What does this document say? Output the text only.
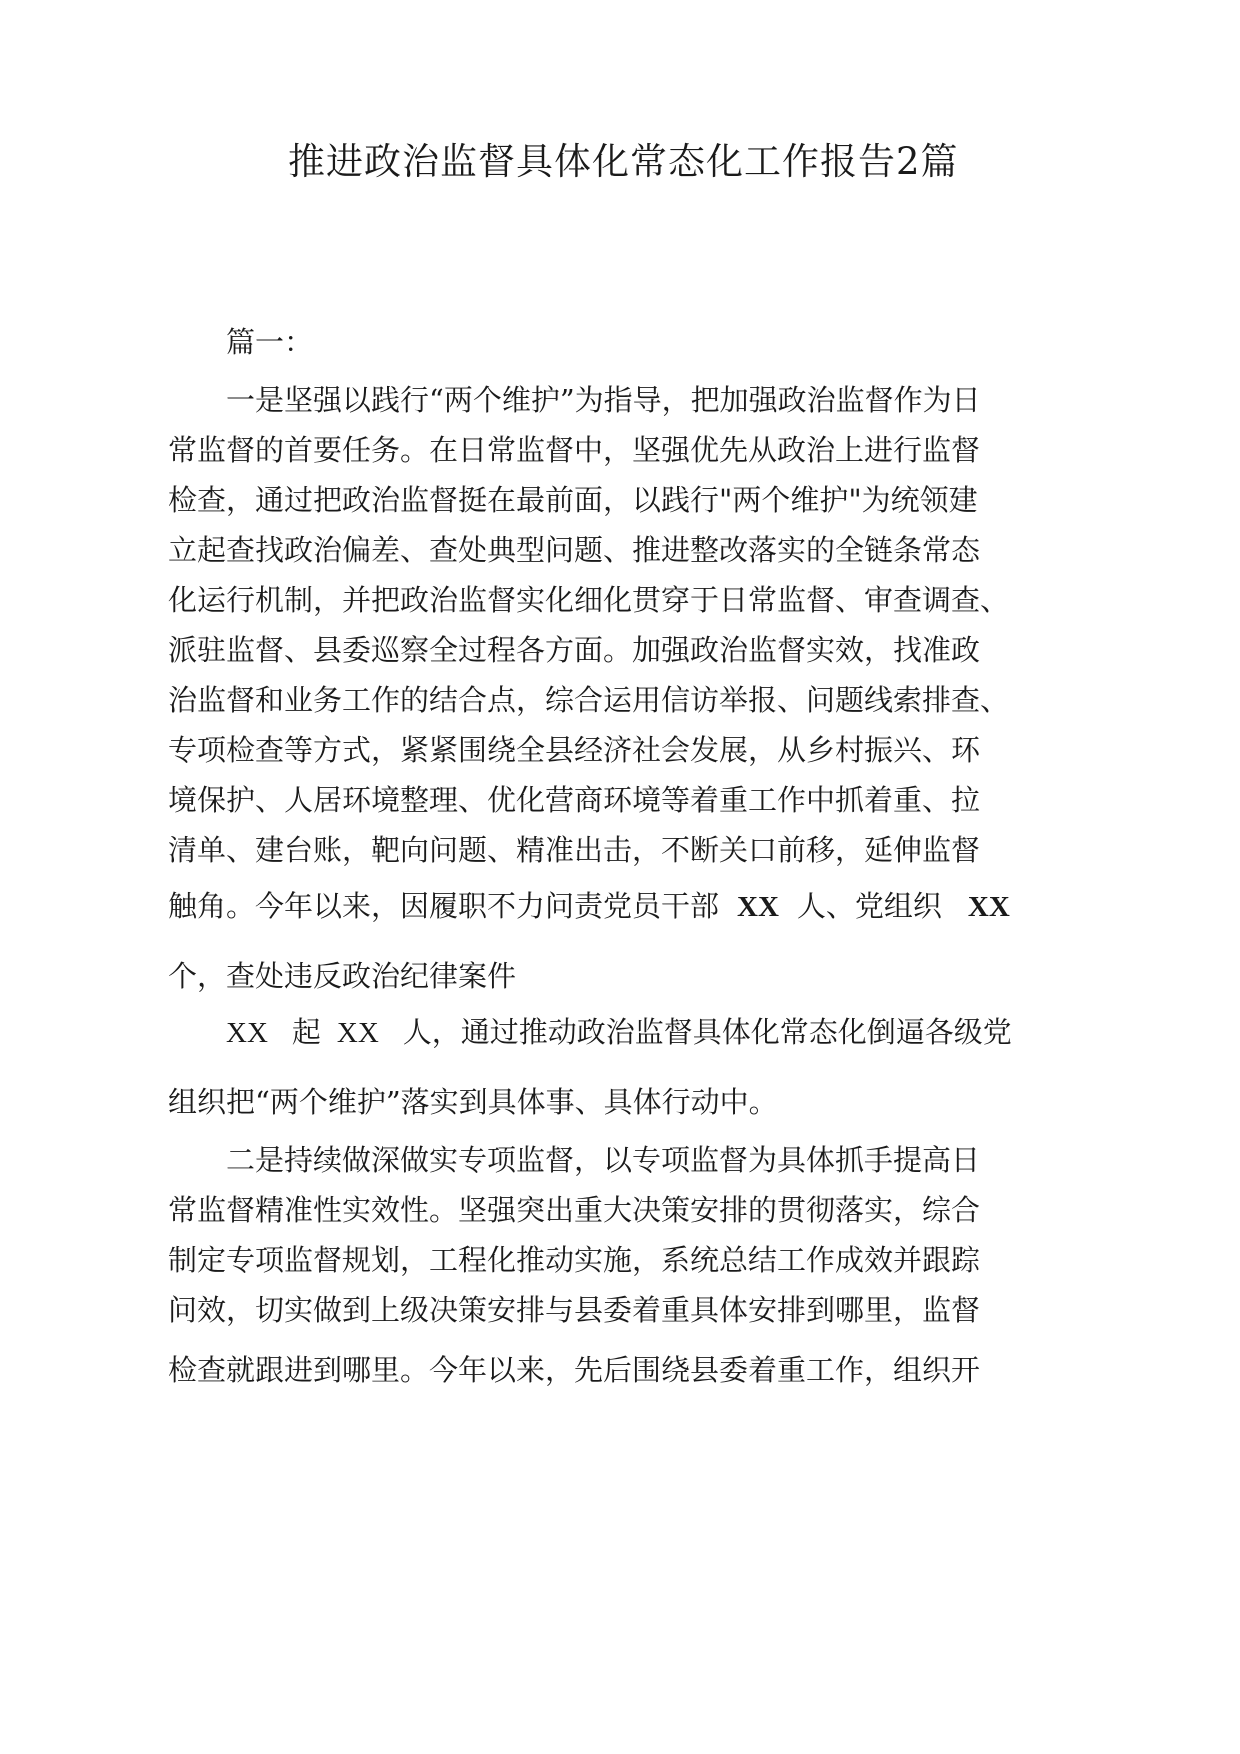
推进政治监督具体化常态化工作报告2篇
篇一：
一是坚强以践行“两个维护”为指导，把加强政治监督作为日
常监督的首要任务。在日常监督中，坚强优先从政治上进行监督
检查，通过把政治监督挺在最前面，以践行"两个维护"为统领建
立起查找政治偏差、查处典型问题、推进整改落实的全链条常态
化运行机制，并把政治监督实化细化贯穿于日常监督、审查调查、
派驻监督、县委巡察全过程各方面。加强政治监督实效，找准政
治监督和业务工作的结合点，综合运用信访举报、问题线索排查、
专项检查等方式，紧紧围绕全县经济社会发展，从乡村振兴、环
境保护、人居环境整理、优化营商环境等着重工作中抓着重、拉
清单、建台账，靶向问题、精准出击，不断关口前移，延伸监督
触角。今年以来，因履职不力问责党员干部 XX 人、党组织 XX
个，查处违反政治纪律案件
XX 起 XX 人，通过推动政治监督具体化常态化倒逼各级党
组织把“两个维护”落实到具体事、具体行动中。
二是持续做深做实专项监督，以专项监督为具体抓手提高日
常监督精准性实效性。坚强突出重大决策安排的贯彻落实，综合
制定专项监督规划，工程化推动实施，系统总结工作成效并跟踪
问效，切实做到上级决策安排与县委着重具体安排到哪里，监督
检查就跟进到哪里。今年以来，先后围绕县委着重工作，组织开
